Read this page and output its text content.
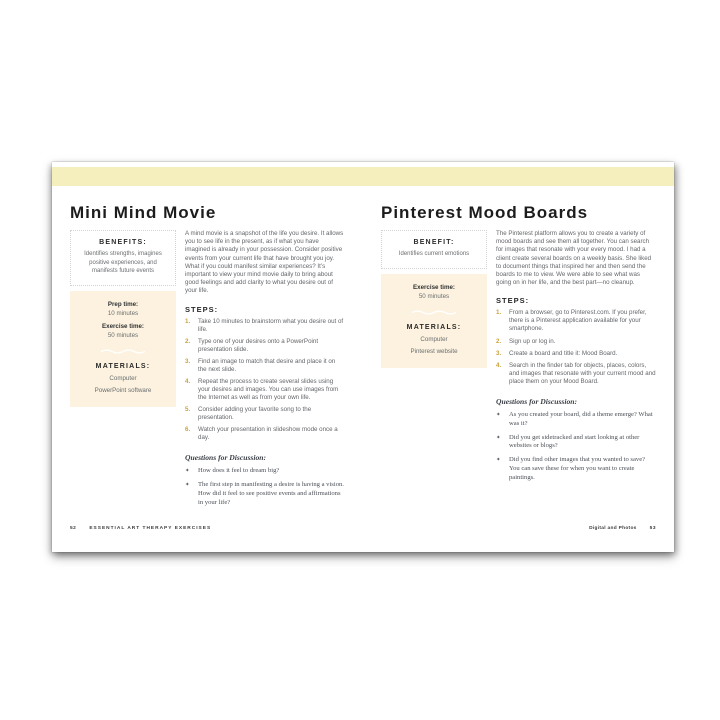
Mini Mind Movie
BENEFITS:
Identifies strengths, imagines positive experiences, and manifests future events
Prep time:
10 minutes
Exercise time:
50 minutes
MATERIALS:
Computer
PowerPoint software

A mind movie is a snapshot of the life you desire. It allows you to see life in the present, as if what you have imagined is already in your possession. Consider positive events from your current life that have brought you joy. What if you could manifest similar experiences? It’s important to view your mind movie daily to bring about good feelings and add clarity to what you desire out of your life.

STEPS:
1.	Take 10 minutes to brainstorm what you desire out of life.
2.	Type one of your desires onto a PowerPoint presentation slide.
3.	Find an image to match that desire and place it on the next slide.
4.	Repeat the process to create several slides using your desires and images. You can use images from the Internet as well as from your own life.
5.	Consider adding your favorite song to the presentation.
6.	Watch your presentation in slideshow mode once a day.
Questions for Discussion:
✦	How does it feel to dream big?
✦	The first step in manifesting a desire is having a vision. How did it feel to see positive events and affirmations in your life?
52	ESSENTIAL ART THERAPY EXERCISES
Pinterest Mood Boards
BENEFIT:
Identifies current emotions
Exercise time:
50 minutes
MATERIALS:
Computer
Pinterest website

The Pinterest platform allows you to create a variety of mood boards and see them all together. You can search for images that resonate with your every mood. I had a client create several boards on a weekly basis. She liked to document things that inspired her and then send the boards to me to view. We were able to see what was going on in her life, and the best part—no cleanup.

STEPS:
1.	From a browser, go to Pinterest.com. If you prefer, there is a Pinterest application available for your smartphone.
2.	Sign up or log in.
3.	Create a board and title it: Mood Board.
4.	Search in the finder tab for objects, places, colors, and images that resonate with your current mood and place them on your Mood Board.
Questions for Discussion:
✦	As you created your board, did a theme emerge? What was it?
✦	Did you get sidetracked and start looking at other websites or blogs?
✦	Did you find other images that you wanted to save? You can save these for when you want to create paintings.
Digital and Photos	53
